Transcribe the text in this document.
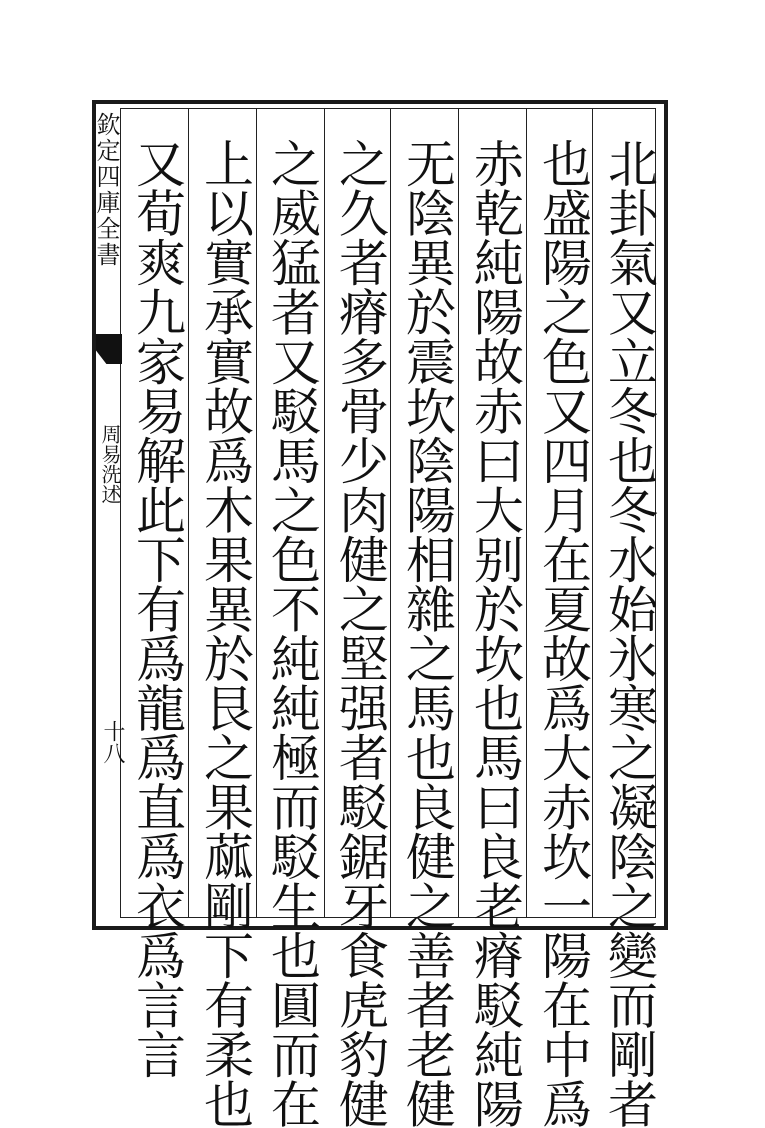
欽定四庫全書
周易洗述
十八	北卦氣又立冬也冬水始氷寒之凝陰之變而剛者
也盛陽之色又四月在夏故爲大赤坎一陽在中爲
赤乾純陽故赤曰大别於坎也馬曰良老瘠駁純陽
无陰異於震坎陰陽相雜之馬也良健之善者老健
之久者瘠多骨少肉健之堅强者駁鋸牙食虎豹健
之威猛者又駁馬之色不純純極而駁生也圓而在
上以實承實故爲木果異於艮之果蓏剛下有柔也
又荀爽九家易解此下有爲龍爲直爲衣爲言言
